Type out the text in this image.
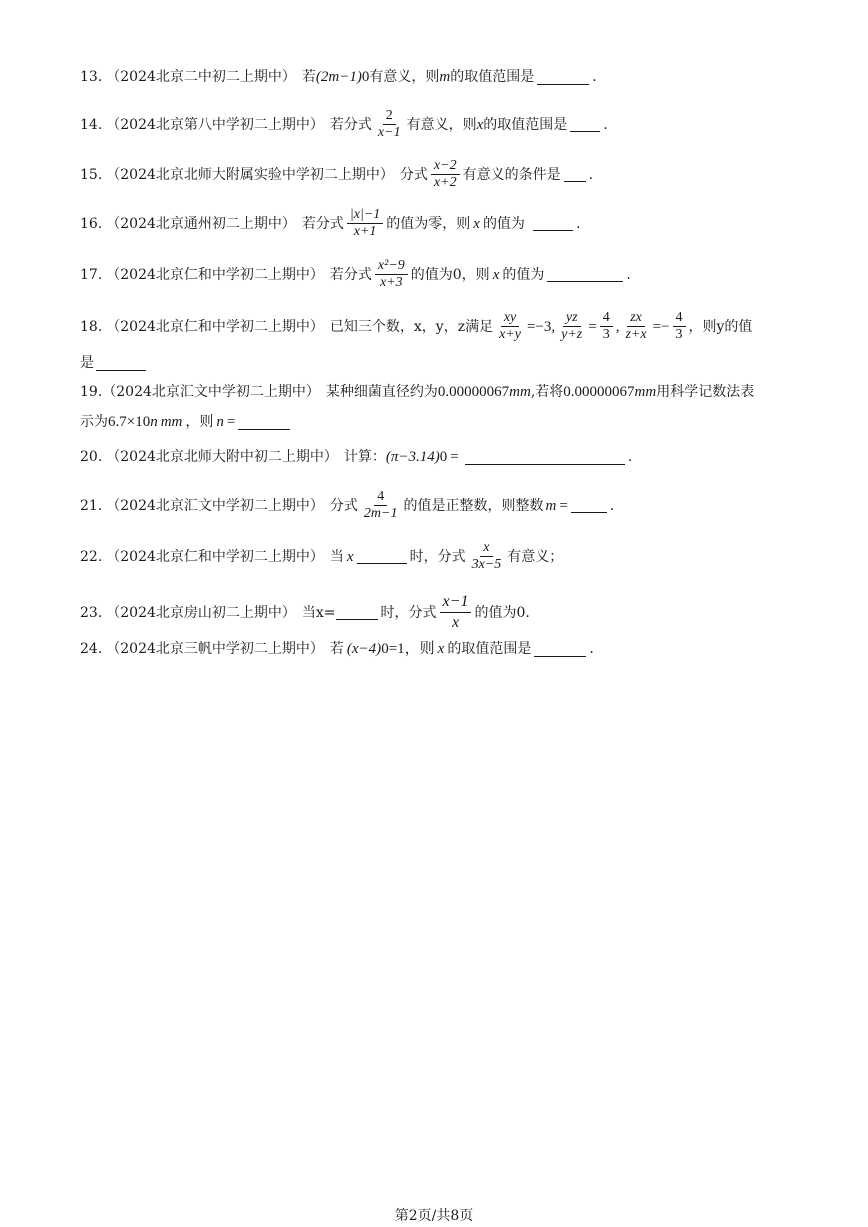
13. （2024北京二中初二上期中） 若 (2m−1) 0 有意义，则 m 的取值范围是	.
14. （2024北京第八中学初二上期中） 若分式 $\frac{2}{x-1}$ 有意义，则 x 的取值范围是	.
15. （2024北京北师大附属实验中学初二上期中） 分式 $\frac{x-2}{x+2}$ 有意义的条件是 .
16. （2024北京通州初二上期中） 若分式 $\frac{|x|-1}{x+1}$ 的值为零，则 x 的值为	.
17. （2024北京仁和中学初二上期中） 若分式 $\frac{\text{x²−9}}{x+3}$ 的值为0，则 x 的值为	.
18. （2024北京仁和中学初二上期中） 已知三个数，x，y，z满足 $\frac{xy}{x+y} =-3$, $\frac{yz}{y+z} = \frac{4}{3}$ , $\frac{zx}{z+x} =- \frac{4}{3}$ ，则y的值
是
19. （2024北京汇文中学初二上期中） 某种细菌直径约为 0.00000067 mm ,若将 0.00000067 mm 用科学记数法表
示为 6.7×10 n mm ，则 n =
20. （2024北京北师大附中初二上期中） 计算： (π−3.14) 0 =	.
21. （2024北京汇文中学初二上期中） 分式 $\frac{4}{2m-1}$ 的值是正整数，则整数 m =	.
22. （2024北京仁和中学初二上期中） 当 x	时，分式 $\frac{x}{3x-5}$ 有意义；
23. （2024北京房山初二上期中） 当x=	时，分式 $\frac{x-1}{x}$ 的值为0.
24. （2024北京三帆中学初二上期中） 若 (x−4) 0 =1，则 x 的取值范围是	.
第2页/共8页
